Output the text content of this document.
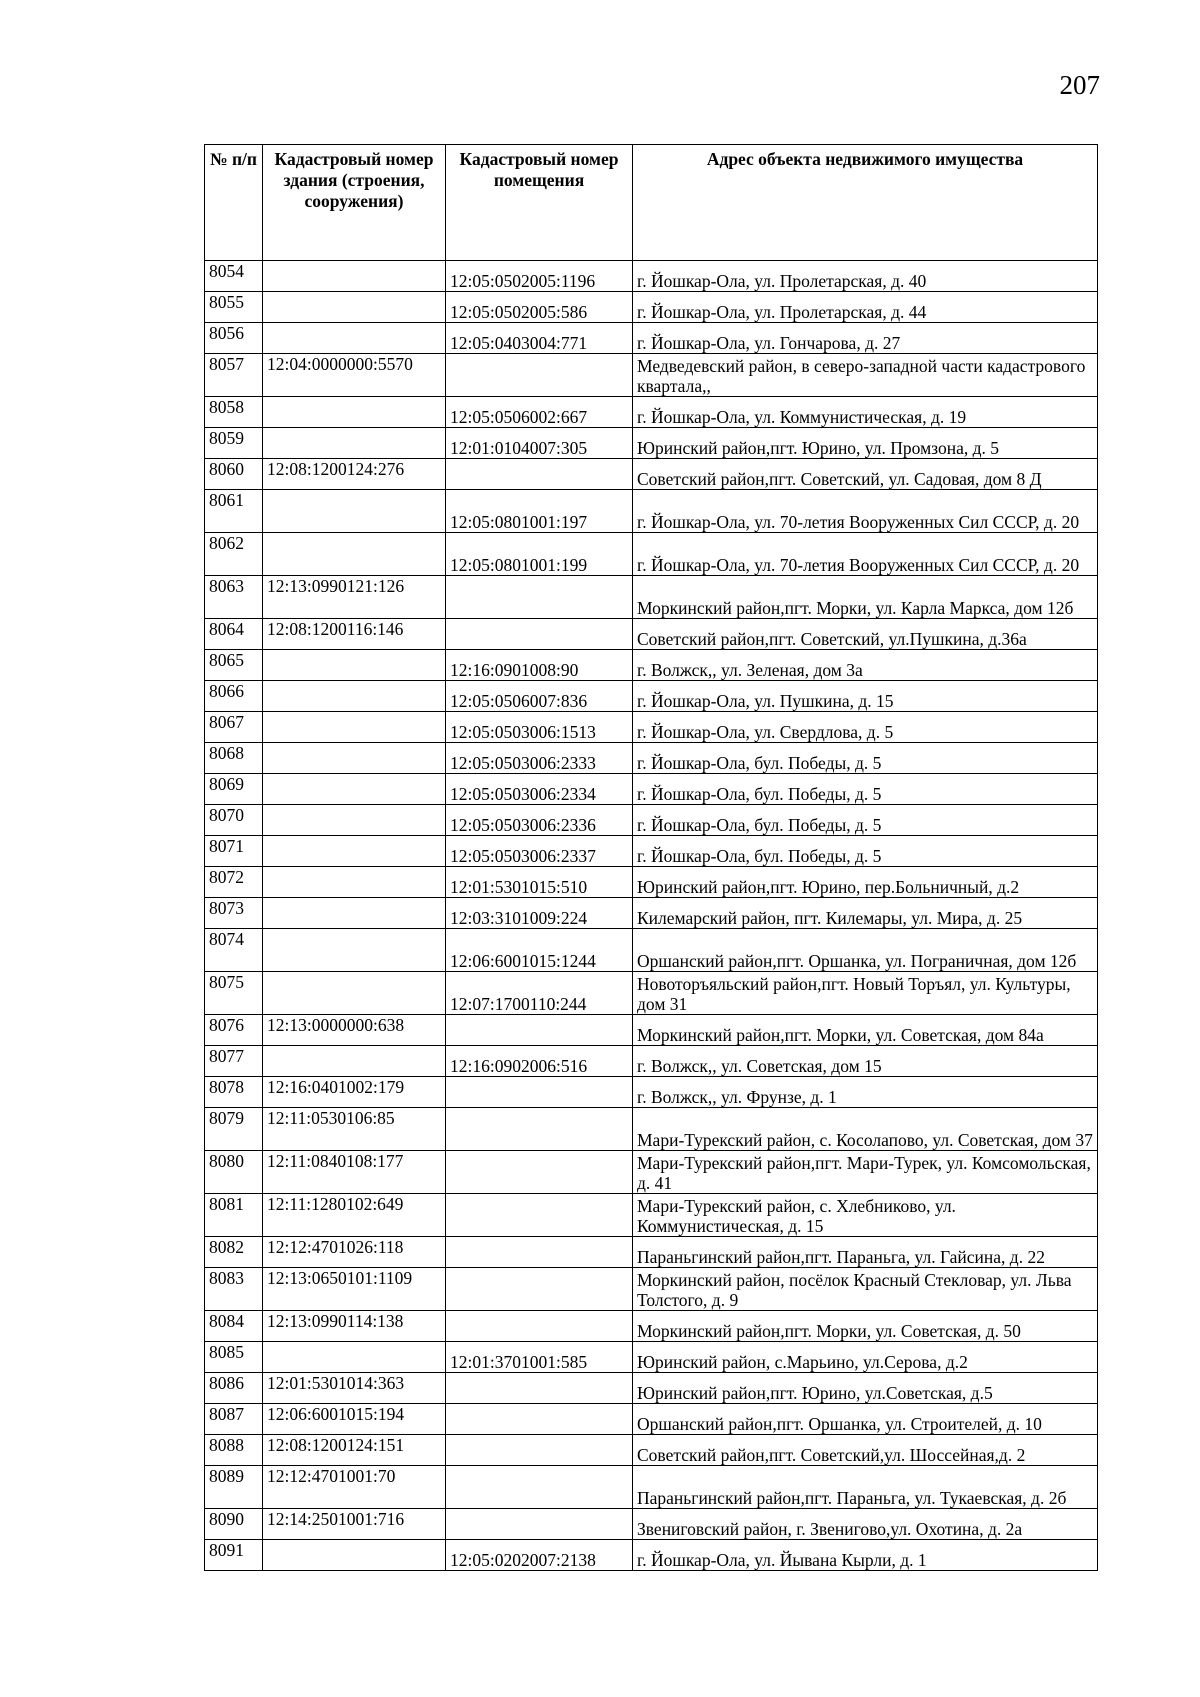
207
№ п/п	Кадастровый номер здания (строения, сооружения)	Кадастровый номер помещения	Адрес объекта недвижимого имущества
8054		12:05:0502005:1196	г. Йошкар-Ола, ул. Пролетарская, д. 40
8055		12:05:0502005:586	г. Йошкар-Ола, ул. Пролетарская, д. 44
8056		12:05:0403004:771	г. Йошкар-Ола, ул. Гончарова, д. 27
8057	12:04:0000000:5570		Медведевский район, в северо-западной части кадастрового квартала,,
8058		12:05:0506002:667	г. Йошкар-Ола, ул. Коммунистическая, д. 19
8059		12:01:0104007:305	Юринский район,пгт. Юрино, ул. Промзона, д. 5
8060	12:08:1200124:276		Советский район,пгт. Советский, ул. Садовая, дом 8 Д
8061		12:05:0801001:197	г. Йошкар-Ола, ул. 70-летия Вооруженных Сил СССР, д. 20
8062		12:05:0801001:199	г. Йошкар-Ола, ул. 70-летия Вооруженных Сил СССР, д. 20
8063	12:13:0990121:126		Моркинский район,пгт. Морки, ул. Карла Маркса, дом 12б
8064	12:08:1200116:146		Советский район,пгт. Советский, ул.Пушкина, д.36а
8065		12:16:0901008:90	г. Волжск,, ул. Зеленая, дом 3а
8066		12:05:0506007:836	г. Йошкар-Ола, ул. Пушкина, д. 15
8067		12:05:0503006:1513	г. Йошкар-Ола, ул. Свердлова, д. 5
8068		12:05:0503006:2333	г. Йошкар-Ола, бул. Победы, д. 5
8069		12:05:0503006:2334	г. Йошкар-Ола, бул. Победы, д. 5
8070		12:05:0503006:2336	г. Йошкар-Ола, бул. Победы, д. 5
8071		12:05:0503006:2337	г. Йошкар-Ола, бул. Победы, д. 5
8072		12:01:5301015:510	Юринский район,пгт. Юрино, пер.Больничный, д.2
8073		12:03:3101009:224	Килемарский район, пгт. Килемары, ул. Мира, д. 25
8074		12:06:6001015:1244	Оршанский район,пгт. Оршанка, ул. Пограничная, дом 12б
8075		12:07:1700110:244	Новоторъяльский район,пгт. Новый Торъял, ул. Культуры, дом 31
8076	12:13:0000000:638		Моркинский район,пгт. Морки, ул. Советская, дом 84а
8077		12:16:0902006:516	г. Волжск,, ул. Советская, дом 15
8078	12:16:0401002:179		г. Волжск,, ул. Фрунзе, д. 1
8079	12:11:0530106:85		Мари-Турекский район, с. Косолапово, ул. Советская, дом 37
8080	12:11:0840108:177		Мари-Турекский район,пгт. Мари-Турек, ул. Комсомольская, д. 41
8081	12:11:1280102:649		Мари-Турекский район, с. Хлебниково, ул. Коммунистическая, д. 15
8082	12:12:4701026:118		Параньгинский район,пгт. Параньга, ул. Гайсина, д. 22
8083	12:13:0650101:1109		Моркинский район, посёлок Красный Стекловар, ул. Льва Толстого, д. 9
8084	12:13:0990114:138		Моркинский район,пгт. Морки, ул. Советская, д. 50
8085		12:01:3701001:585	Юринский район, с.Марьино, ул.Серова, д.2
8086	12:01:5301014:363		Юринский район,пгт. Юрино, ул.Советская, д.5
8087	12:06:6001015:194		Оршанский район,пгт. Оршанка, ул. Строителей, д. 10
8088	12:08:1200124:151		Советский район,пгт. Советский,ул. Шоссейная,д. 2
8089	12:12:4701001:70		Параньгинский район,пгт. Параньга, ул. Тукаевская, д. 2б
8090	12:14:2501001:716		Звениговский район, г. Звенигово,ул. Охотина, д. 2а
8091		12:05:0202007:2138	г. Йошкар-Ола, ул. Йывана Кырли, д. 1
